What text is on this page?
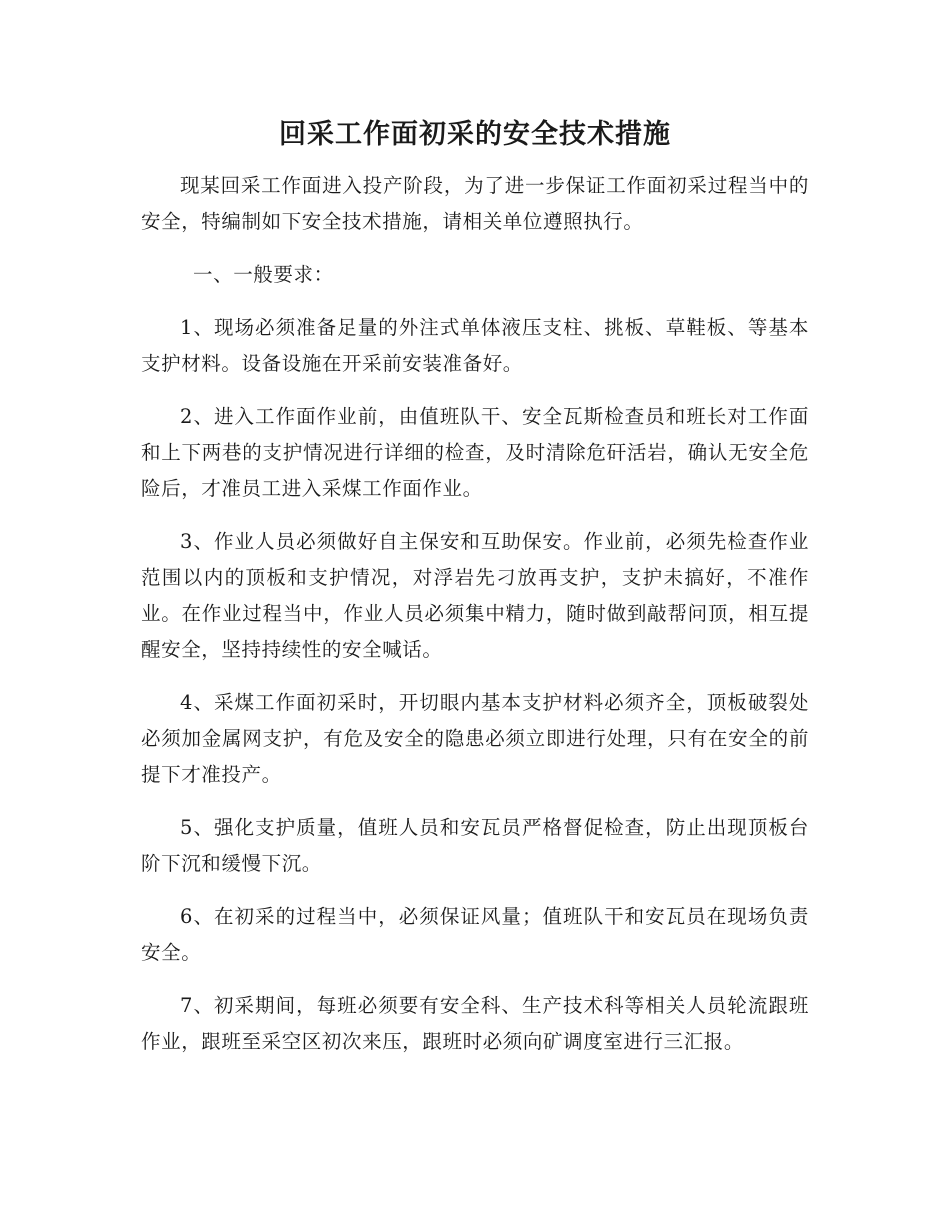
回采工作面初采的安全技术措施

现某回采工作面进入投产阶段，为了进一步保证工作面初采过程当中的安全，特编制如下安全技术措施，请相关单位遵照执行。

一、一般要求：

1、现场必须准备足量的外注式单体液压支柱、挑板、草鞋板、等基本支护材料。设备设施在开采前安装准备好。

2、进入工作面作业前，由值班队干、安全瓦斯检查员和班长对工作面和上下两巷的支护情况进行详细的检查，及时清除危矸活岩，确认无安全危险后，才准员工进入采煤工作面作业。

3、作业人员必须做好自主保安和互助保安。作业前，必须先检查作业范围以内的顶板和支护情况，对浮岩先刁放再支护，支护未搞好，不准作业。在作业过程当中，作业人员必须集中精力，随时做到敲帮问顶，相互提醒安全，坚持持续性的安全喊话。

4、采煤工作面初采时，开切眼内基本支护材料必须齐全，顶板破裂处必须加金属网支护，有危及安全的隐患必须立即进行处理，只有在安全的前提下才准投产。

5、强化支护质量，值班人员和安瓦员严格督促检查，防止出现顶板台阶下沉和缓慢下沉。

6、在初采的过程当中，必须保证风量；值班队干和安瓦员在现场负责安全。

7、初采期间，每班必须要有安全科、生产技术科等相关人员轮流跟班作业，跟班至采空区初次来压，跟班时必须向矿调度室进行三汇报。
